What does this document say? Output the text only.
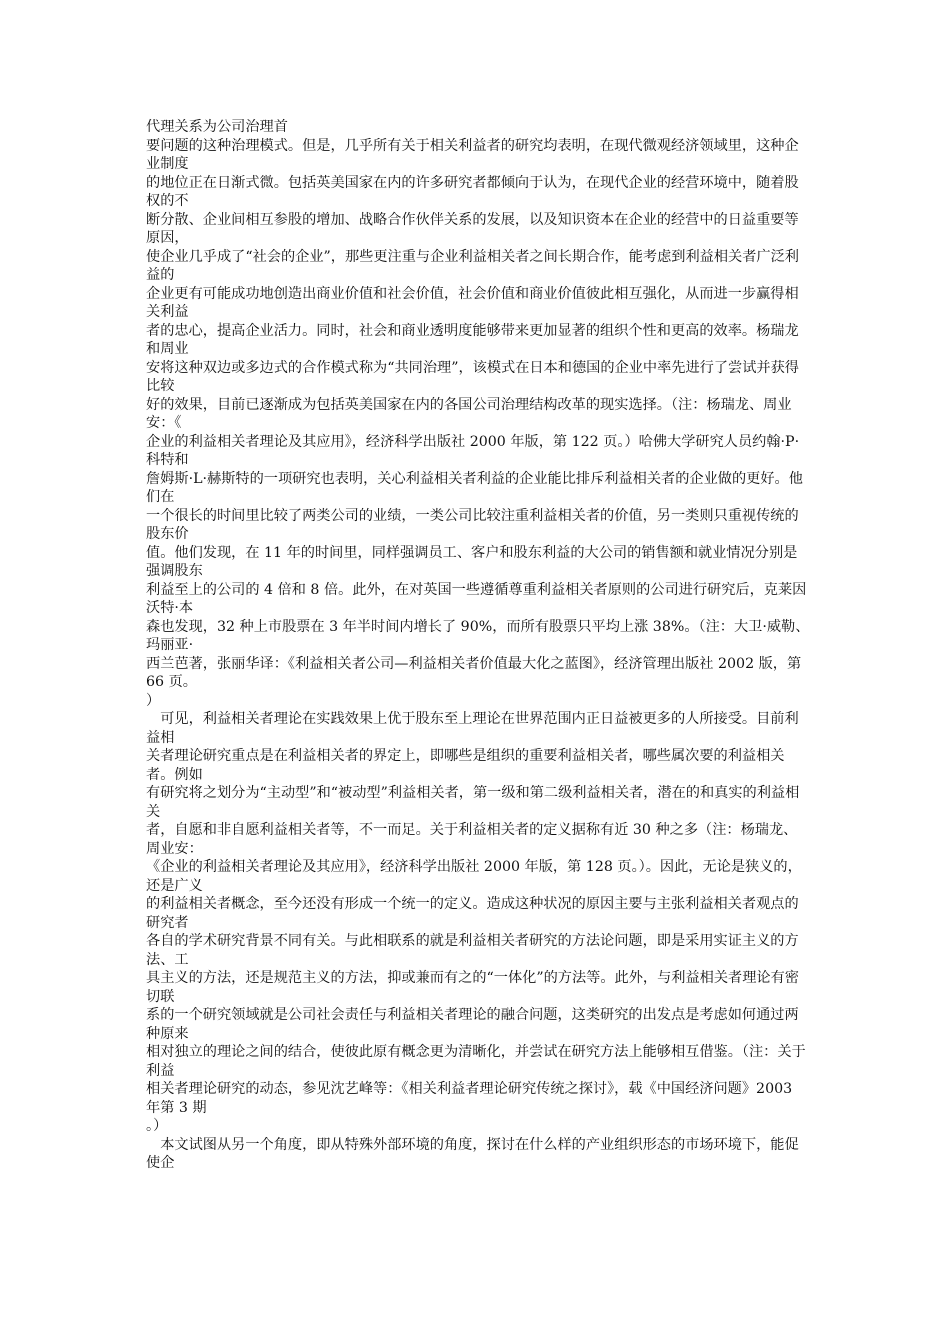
代理关系为公司治理首
要问题的这种治理模式。但是，几乎所有关于相关利益者的研究均表明，在现代微观经济领域里，这种企业制度
的地位正在日渐式微。包括英美国家在内的许多研究者都倾向于认为，在现代企业的经营环境中，随着股权的不
断分散、企业间相互参股的增加、战略合作伙伴关系的发展，以及知识资本在企业的经营中的日益重要等原因，
使企业几乎成了“社会的企业”，那些更注重与企业利益相关者之间长期合作，能考虑到利益相关者广泛利益的
企业更有可能成功地创造出商业价值和社会价值，社会价值和商业价值彼此相互强化，从而进一步赢得相关利益
者的忠心，提高企业活力。同时，社会和商业透明度能够带来更加显著的组织个性和更高的效率。杨瑞龙和周业
安将这种双边或多边式的合作模式称为“共同治理”，该模式在日本和德国的企业中率先进行了尝试并获得比较
好的效果，目前已逐渐成为包括英美国家在内的各国公司治理结构改革的现实选择。（注：杨瑞龙、周业安：《
企业的利益相关者理论及其应用》，经济科学出版社 2000 年版，第 122 页。）哈佛大学研究人员约翰·P·科特和
詹姆斯·L·赫斯特的一项研究也表明，关心利益相关者利益的企业能比排斥利益相关者的企业做的更好。他们在
一个很长的时间里比较了两类公司的业绩，一类公司比较注重利益相关者的价值，另一类则只重视传统的股东价
值。他们发现，在 11 年的时间里，同样强调员工、客户和股东利益的大公司的销售额和就业情况分别是强调股东
利益至上的公司的 4 倍和 8 倍。此外，在对英国一些遵循尊重利益相关者原则的公司进行研究后，克莱因沃特·本
森也发现，32 种上市股票在 3 年半时间内增长了 90%，而所有股票只平均上涨 38%。（注：大卫·威勒、玛丽亚·
西兰芭著，张丽华译：《利益相关者公司—利益相关者价值最大化之蓝图》，经济管理出版社 2002 版，第 66 页。
）
　可见，利益相关者理论在实践效果上优于股东至上理论在世界范围内正日益被更多的人所接受。目前利益相
关者理论研究重点是在利益相关者的界定上，即哪些是组织的重要利益相关者，哪些属次要的利益相关者。例如
有研究将之划分为“主动型”和“被动型”利益相关者，第一级和第二级利益相关者，潜在的和真实的利益相关
者，自愿和非自愿利益相关者等，不一而足。关于利益相关者的定义据称有近 30 种之多（注：杨瑞龙、周业安：
《企业的利益相关者理论及其应用》，经济科学出版社 2000 年版，第 128 页。）。因此，无论是狭义的，还是广义
的利益相关者概念，至今还没有形成一个统一的定义。造成这种状况的原因主要与主张利益相关者观点的研究者
各自的学术研究背景不同有关。与此相联系的就是利益相关者研究的方法论问题，即是采用实证主义的方法、工
具主义的方法，还是规范主义的方法，抑或兼而有之的“一体化”的方法等。此外，与利益相关者理论有密切联
系的一个研究领域就是公司社会责任与利益相关者理论的融合问题，这类研究的出发点是考虑如何通过两种原来
相对独立的理论之间的结合，使彼此原有概念更为清晰化，并尝试在研究方法上能够相互借鉴。（注：关于利益
相关者理论研究的动态，参见沈艺峰等：《相关利益者理论研究传统之探讨》，载《中国经济问题》2003 年第 3 期
。）
　本文试图从另一个角度，即从特殊外部环境的角度，探讨在什么样的产业组织形态的市场环境下，能促使企
